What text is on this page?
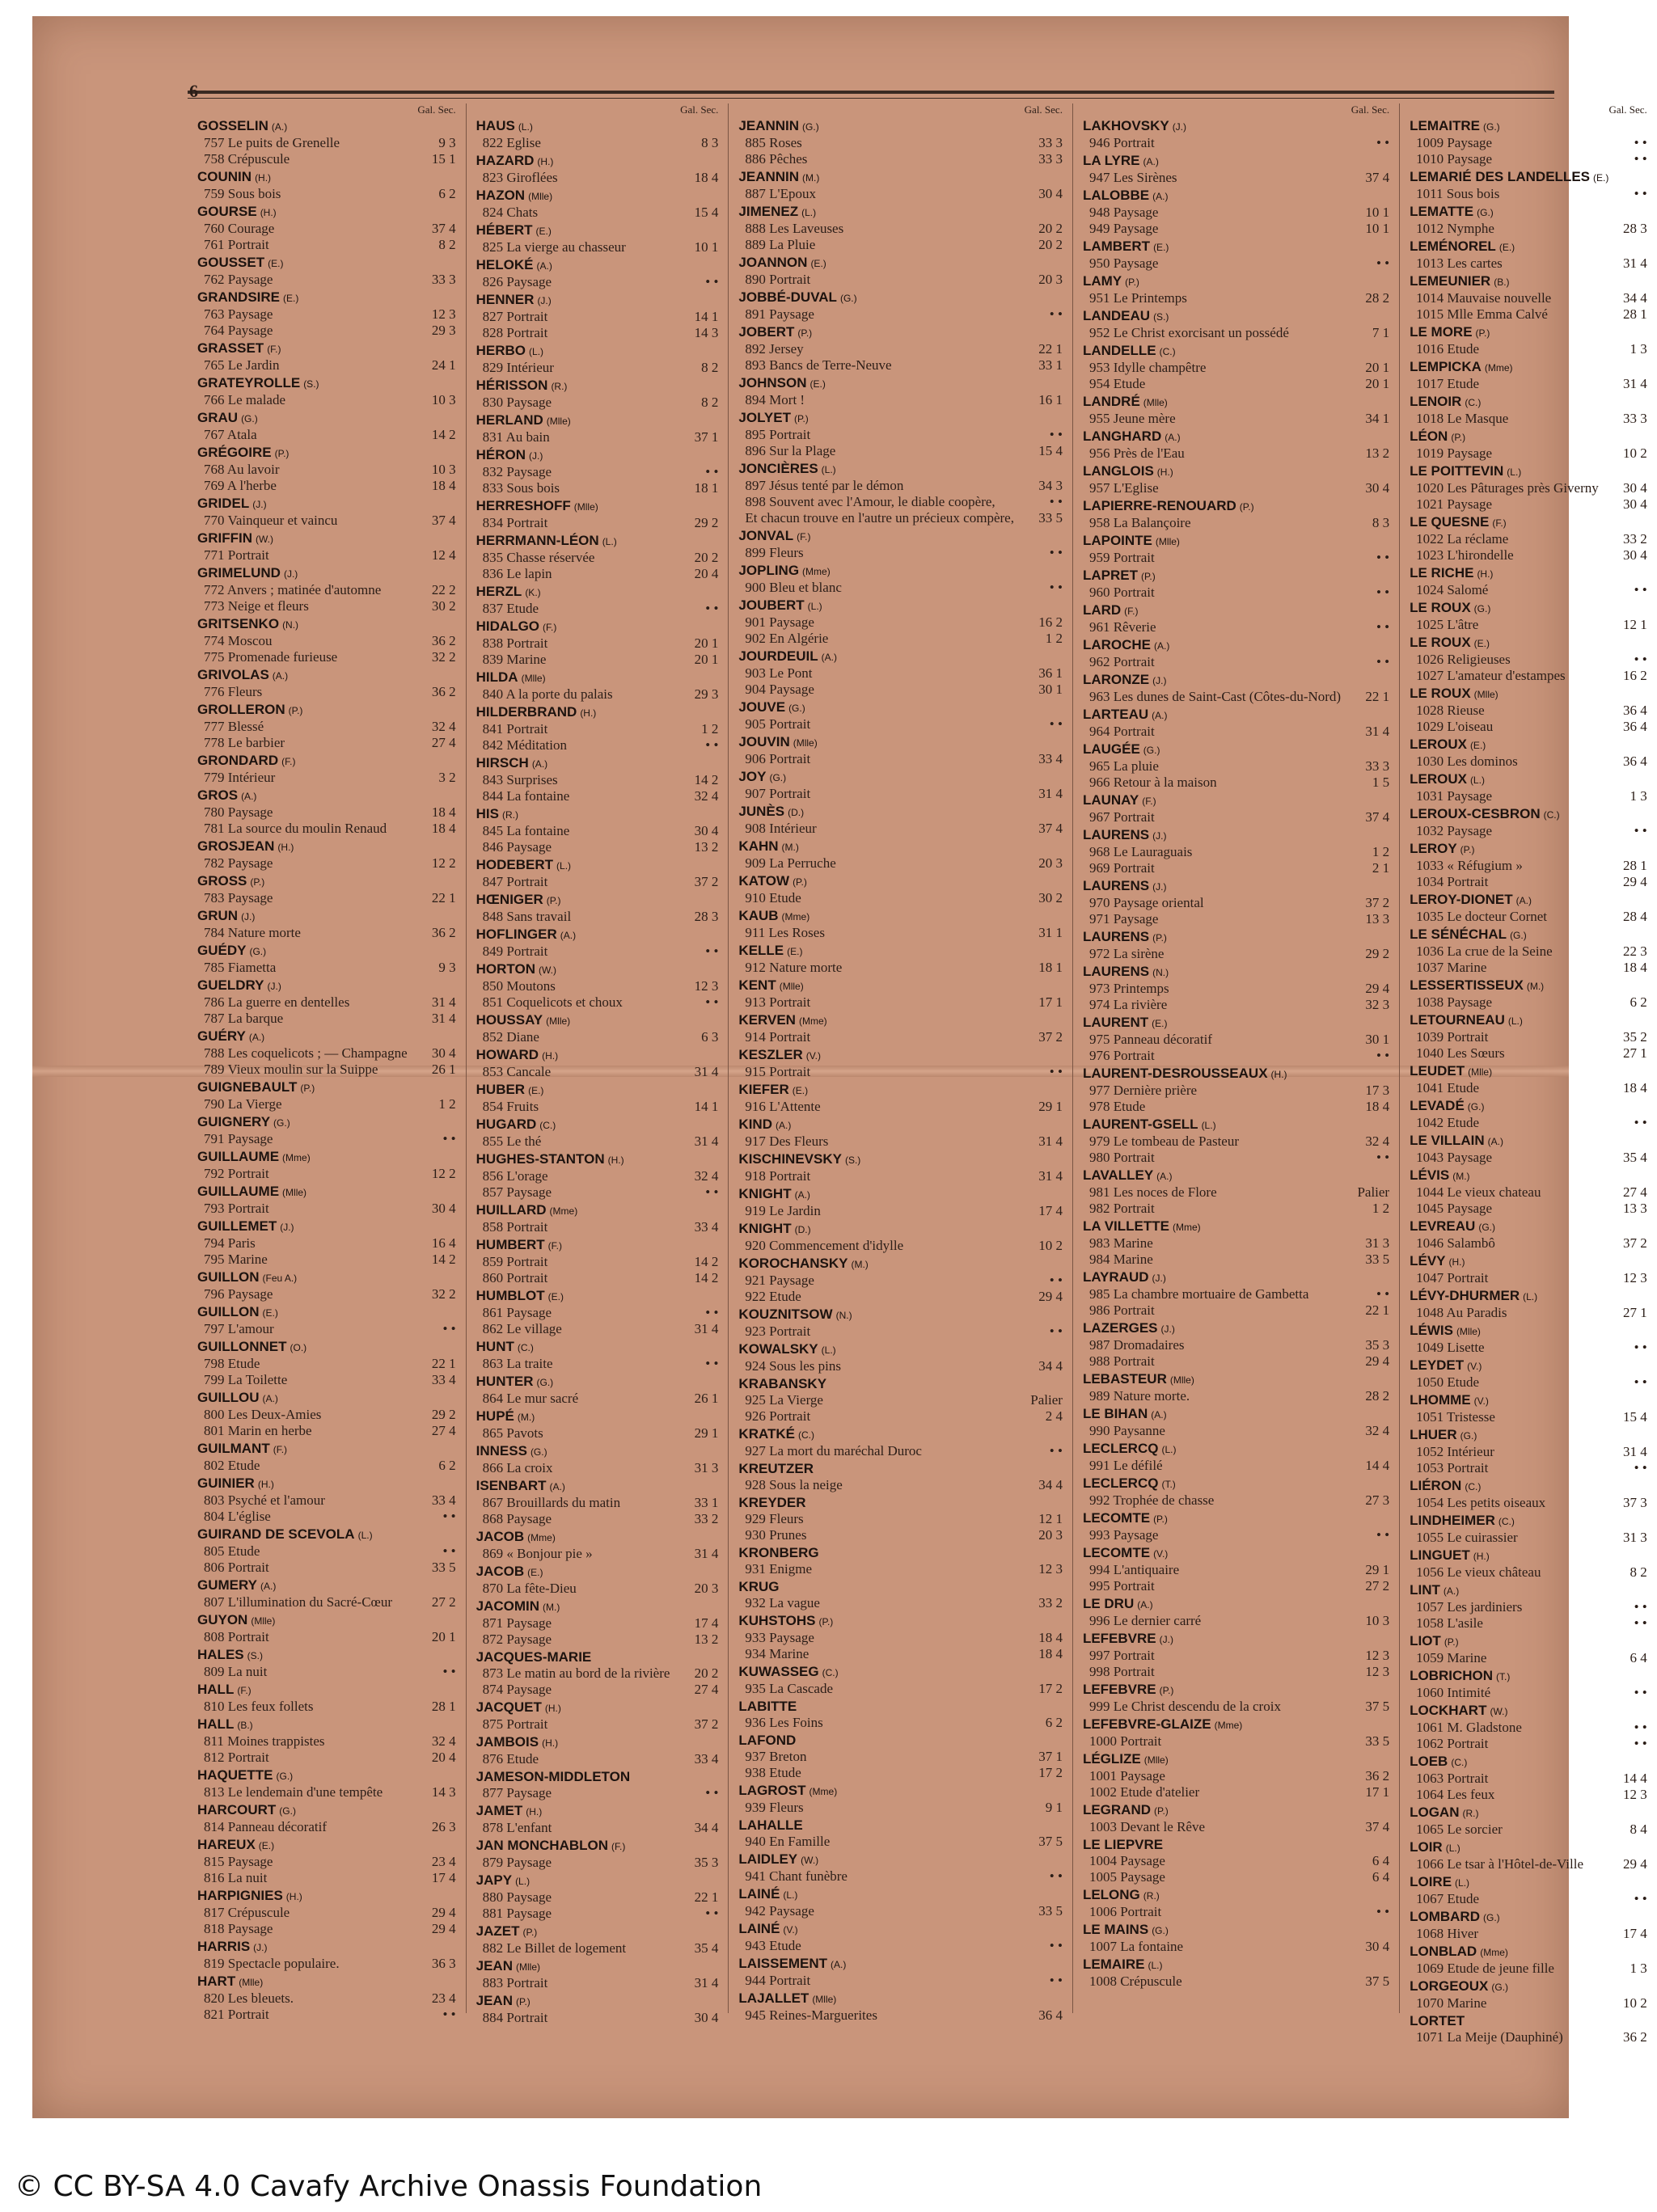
6
Gal. Sec.
GOSSELIN (A.)
757 Le puits de Grenelle	9 3
758 Crépuscule	15 1
COUNIN (H.)
759 Sous bois	6 2
GOURSE (H.)
760 Courage	37 4
761 Portrait	8 2
GOUSSET (E.)
762 Paysage	33 3
GRANDSIRE (E.)
763 Paysage	12 3
764 Paysage	29 3
GRASSET (F.)
765 Le Jardin	24 1
GRATEYROLLE (S.)
766 Le malade	10 3
GRAU (G.)
767 Atala	14 2
GRÉGOIRE (P.)
768 Au lavoir	10 3
769 A l'herbe	18 4
GRIDEL (J.)
770 Vainqueur et vaincu	37 4
GRIFFIN (W.)
771 Portrait	12 4
GRIMELUND (J.)
772 Anvers ; matinée d'automne	22 2
773 Neige et fleurs	30 2
GRITSENKO (N.)
774 Moscou	36 2
775 Promenade furieuse	32 2
GRIVOLAS (A.)
776 Fleurs	36 2
GROLLERON (P.)
777 Blessé	32 4
778 Le barbier	27 4
GRONDARD (F.)
779 Intérieur	3 2
GROS (A.)
780 Paysage	18 4
781 La source du moulin Renaud	18 4
GROSJEAN (H.)
782 Paysage	12 2
GROSS (P.)
783 Paysage	22 1
GRUN (J.)
784 Nature morte	36 2
GUÉDY (G.)
785 Fiametta	9 3
GUELDRY (J.)
786 La guerre en dentelles	31 4
787 La barque	31 4
GUÉRY (A.)
788 Les coquelicots ; — Champagne	30 4
789 Vieux moulin sur la Suippe	26 1
GUIGNEBAULT (P.)
790 La Vierge	1 2
GUIGNERY (G.)
791 Paysage	• •
GUILLAUME (Mme)
792 Portrait	12 2
GUILLAUME (Mlle)
793 Portrait	30 4
GUILLEMET (J.)
794 Paris	16 4
795 Marine	14 2
GUILLON (Feu A.)
796 Paysage	32 2
GUILLON (E.)
797 L'amour	• •
GUILLONNET (O.)
798 Etude	22 1
799 La Toilette	33 4
GUILLOU (A.)
800 Les Deux-Amies	29 2
801 Marin en herbe	27 4
GUILMANT (F.)
802 Etude	6 2
GUINIER (H.)
803 Psyché et l'amour	33 4
804 L'église	• •
GUIRAND DE SCEVOLA (L.)
805 Etude	• •
806 Portrait	33 5
GUMERY (A.)
807 L'illumination du Sacré-Cœur	27 2
GUYON (Mlle)
808 Portrait	20 1
HALES (S.)
809 La nuit	• •
HALL (F.)
810 Les feux follets	28 1
HALL (B.)
811 Moines trappistes	32 4
812 Portrait	20 4
HAQUETTE (G.)
813 Le lendemain d'une tempête	14 3
HARCOURT (G.)
814 Panneau décoratif	26 3
HAREUX (E.)
815 Paysage	23 4
816 La nuit	17 4
HARPIGNIES (H.)
817 Crépuscule	29 4
818 Paysage	29 4
HARRIS (J.)
819 Spectacle populaire.	36 3
HART (Mlle)
820 Les bleuets.	23 4
821 Portrait	• •
Gal. Sec.
HAUS (L.)
822 Eglise	8 3
HAZARD (H.)
823 Giroflées	18 4
HAZON (Mlle)
824 Chats	15 4
HÉBERT (E.)
825 La vierge au chasseur	10 1
HELOKÉ (A.)
826 Paysage	• •
HENNER (J.)
827 Portrait	14 1
828 Portrait	14 3
HERBO (L.)
829 Intérieur	8 2
HÉRISSON (R.)
830 Paysage	8 2
HERLAND (Mlle)
831 Au bain	37 1
HÉRON (J.)
832 Paysage	• •
833 Sous bois	18 1
HERRESHOFF (Mlle)
834 Portrait	29 2
HERRMANN-LÉON (L.)
835 Chasse réservée	20 2
836 Le lapin	20 4
HERZL (K.)
837 Etude	• •
HIDALGO (F.)
838 Portrait	20 1
839 Marine	20 1
HILDA (Mlle)
840 A la porte du palais	29 3
HILDERBRAND (H.)
841 Portrait	1 2
842 Méditation	• •
HIRSCH (A.)
843 Surprises	14 2
844 La fontaine	32 4
HIS (R.)
845 La fontaine	30 4
846 Paysage	13 2
HODEBERT (L.)
847 Portrait	37 2
HŒNIGER (P.)
848 Sans travail	28 3
HOFLINGER (A.)
849 Portrait	• •
HORTON (W.)
850 Moutons	12 3
851 Coquelicots et choux	• •
HOUSSAY (Mlle)
852 Diane	6 3
HOWARD (H.)
853 Cancale	31 4
HUBER (E.)
854 Fruits	14 1
HUGARD (C.)
855 Le thé	31 4
HUGHES-STANTON (H.)
856 L'orage	32 4
857 Paysage	• •
HUILLARD (Mme)
858 Portrait	33 4
HUMBERT (F.)
859 Portrait	14 2
860 Portrait	14 2
HUMBLOT (E.)
861 Paysage	• •
862 Le village	31 4
HUNT (C.)
863 La traite	• •
HUNTER (G.)
864 Le mur sacré	26 1
HUPÉ (M.)
865 Pavots	29 1
INNESS (G.)
866 La croix	31 3
ISENBART (A.)
867 Brouillards du matin	33 1
868 Paysage	33 2
JACOB (Mme)
869 « Bonjour pie »	31 4
JACOB (E.)
870 La fête-Dieu	20 3
JACOMIN (M.)
871 Paysage	17 4
872 Paysage	13 2
JACQUES-MARIE
873 Le matin au bord de la rivière	20 2
874 Paysage	27 4
JACQUET (H.)
875 Portrait	37 2
JAMBOIS (H.)
876 Etude	33 4
JAMESON-MIDDLETON
877 Paysage	• •
JAMET (H.)
878 L'enfant	34 4
JAN MONCHABLON (F.)
879 Paysage	35 3
JAPY (L.)
880 Paysage	22 1
881 Paysage	• •
JAZET (P.)
882 Le Billet de logement	35 4
JEAN (Mlle)
883 Portrait	31 4
JEAN (P.)
884 Portrait	30 4
Gal. Sec.
JEANNIN (G.)
885 Roses	33 3
886 Pêches	33 3
JEANNIN (M.)
887 L'Epoux	30 4
JIMENEZ (L.)
888 Les Laveuses	20 2
889 La Pluie	20 2
JOANNON (E.)
890 Portrait	20 3
JOBBÉ-DUVAL (G.)
891 Paysage	• •
JOBERT (P.)
892 Jersey	22 1
893 Bancs de Terre-Neuve	33 1
JOHNSON (E.)
894 Mort !	16 1
JOLYET (P.)
895 Portrait	• •
896 Sur la Plage	15 4
JONCIÈRES (L.)
897 Jésus tenté par le démon	34 3
898 Souvent avec l'Amour, le diable coopère,	• •
Et chacun trouve en l'autre un précieux compère,	33 5
JONVAL (F.)
899 Fleurs	• •
JOPLING (Mme)
900 Bleu et blanc	• •
JOUBERT (L.)
901 Paysage	16 2
902 En Algérie	1 2
JOURDEUIL (A.)
903 Le Pont	36 1
904 Paysage	30 1
JOUVE (G.)
905 Portrait	• •
JOUVIN (Mlle)
906 Portrait	33 4
JOY (G.)
907 Portrait	31 4
JUNÈS (D.)
908 Intérieur	37 4
KAHN (M.)
909 La Perruche	20 3
KATOW (P.)
910 Etude	30 2
KAUB (Mme)
911 Les Roses	31 1
KELLE (E.)
912 Nature morte	18 1
KENT (Mlle)
913 Portrait	17 1
KERVEN (Mme)
914 Portrait	37 2
KESZLER (V.)
915 Portrait	• •
KIEFER (E.)
916 L'Attente	29 1
KIND (A.)
917 Des Fleurs	31 4
KISCHINEVSKY (S.)
918 Portrait	31 4
KNIGHT (A.)
919 Le Jardin	17 4
KNIGHT (D.)
920 Commencement d'idylle	10 2
KOROCHANSKY (M.)
921 Paysage	• •
922 Etude	29 4
KOUZNITSOW (N.)
923 Portrait	• •
KOWALSKY (L.)
924 Sous les pins	34 4
KRABANSKY
925 La Vierge	Palier
926 Portrait	2 4
KRATKÉ (C.)
927 La mort du maréchal Duroc	• •
KREUTZER
928 Sous la neige	34 4
KREYDER
929 Fleurs	12 1
930 Prunes	20 3
KRONBERG
931 Enigme	12 3
KRUG
932 La vague	33 2
KUHSTOHS (P.)
933 Paysage	18 4
934 Marine	18 4
KUWASSEG (C.)
935 La Cascade	17 2
LABITTE
936 Les Foins	6 2
LAFOND
937 Breton	37 1
938 Etude	17 2
LAGROST (Mme)
939 Fleurs	9 1
LAHALLE
940 En Famille	37 5
LAIDLEY (W.)
941 Chant funèbre	• •
LAINÉ (L.)
942 Paysage	33 5
LAINÉ (V.)
943 Etude	• •
LAISSEMENT (A.)
944 Portrait	• •
LAJALLET (Mlle)
945 Reines-Marguerites	36 4
Gal. Sec.
LAKHOVSKY (J.)
946 Portrait	• •
LA LYRE (A.)
947 Les Sirènes	37 4
LALOBBE (A.)
948 Paysage	10 1
949 Paysage	10 1
LAMBERT (E.)
950 Paysage	• •
LAMY (P.)
951 Le Printemps	28 2
LANDEAU (S.)
952 Le Christ exorcisant un possédé	7 1
LANDELLE (C.)
953 Idylle champêtre	20 1
954 Etude	20 1
LANDRÉ (Mlle)
955 Jeune mère	34 1
LANGHARD (A.)
956 Près de l'Eau	13 2
LANGLOIS (H.)
957 L'Eglise	30 4
LAPIERRE-RENOUARD (P.)
958 La Balançoire	8 3
LAPOINTE (Mlle)
959 Portrait	• •
LAPRET (P.)
960 Portrait	• •
LARD (F.)
961 Rêverie	• •
LAROCHE (A.)
962 Portrait	• •
LARONZE (J.)
963 Les dunes de Saint-Cast (Côtes-du-Nord)	22 1
LARTEAU (A.)
964 Portrait	31 4
LAUGÉE (G.)
965 La pluie	33 3
966 Retour à la maison	1 5
LAUNAY (F.)
967 Portrait	37 4
LAURENS (J.)
968 Le Lauraguais	1 2
969 Portrait	2 1
LAURENS (J.)
970 Paysage oriental	37 2
971 Paysage	13 3
LAURENS (P.)
972 La sirène	29 2
LAURENS (N.)
973 Printemps	29 4
974 La rivière	32 3
LAURENT (E.)
975 Panneau décoratif	30 1
976 Portrait	• •
LAURENT-DESROUSSEAUX (H.)
977 Dernière prière	17 3
978 Etude	18 4
LAURENT-GSELL (L.)
979 Le tombeau de Pasteur	32 4
980 Portrait	• •
LAVALLEY (A.)
981 Les noces de Flore	Palier
982 Portrait	1 2
LA VILLETTE (Mme)
983 Marine	31 3
984 Marine	33 5
LAYRAUD (J.)
985 La chambre mortuaire de Gambetta	• •
986 Portrait	22 1
LAZERGES (J.)
987 Dromadaires	35 3
988 Portrait	29 4
LEBASTEUR (Mlle)
989 Nature morte.	28 2
LE BIHAN (A.)
990 Paysanne	32 4
LECLERCQ (L.)
991 Le défilé	14 4
LECLERCQ (T.)
992 Trophée de chasse	27 3
LECOMTE (P.)
993 Paysage	• •
LECOMTE (V.)
994 L'antiquaire	29 1
995 Portrait	27 2
LE DRU (A.)
996 Le dernier carré	10 3
LEFEBVRE (J.)
997 Portrait	12 3
998 Portrait	12 3
LEFEBVRE (P.)
999 Le Christ descendu de la croix	37 5
LEFEBVRE-GLAIZE (Mme)
1000 Portrait	33 5
LÉGLIZE (Mlle)
1001 Paysage	36 2
1002 Etude d'atelier	17 1
LEGRAND (P.)
1003 Devant le Rêve	37 4
LE LIEPVRE
1004 Paysage	6 4
1005 Paysage	6 4
LELONG (R.)
1006 Portrait	• •
LE MAINS (G.)
1007 La fontaine	30 4
LEMAIRE (L.)
1008 Crépuscule	37 5
Gal. Sec.
LEMAITRE (G.)
1009 Paysage	• •
1010 Paysage	• •
LEMARIÉ DES LANDELLES (E.)
1011 Sous bois	• •
LEMATTE (G.)
1012 Nymphe	28 3
LEMÉNOREL (E.)
1013 Les cartes	31 4
LEMEUNIER (B.)
1014 Mauvaise nouvelle	34 4
1015 Mlle Emma Calvé	28 1
LE MORE (P.)
1016 Etude	1 3
LEMPICKA (Mme)
1017 Etude	31 4
LENOIR (C.)
1018 Le Masque	33 3
LÉON (P.)
1019 Paysage	10 2
LE POITTEVIN (L.)
1020 Les Pâturages près Giverny	30 4
1021 Paysage	30 4
LE QUESNE (F.)
1022 La réclame	33 2
1023 L'hirondelle	30 4
LE RICHE (H.)
1024 Salomé	• •
LE ROUX (G.)
1025 L'âtre	12 1
LE ROUX (E.)
1026 Religieuses	• •
1027 L'amateur d'estampes	16 2
LE ROUX (Mlle)
1028 Rieuse	36 4
1029 L'oiseau	36 4
LEROUX (E.)
1030 Les dominos	36 4
LEROUX (L.)
1031 Paysage	1 3
LEROUX-CESBRON (C.)
1032 Paysage	• •
LEROY (P.)
1033 « Réfugium »	28 1
1034 Portrait	29 4
LEROY-DIONET (A.)
1035 Le docteur Cornet	28 4
LE SÉNÉCHAL (G.)
1036 La crue de la Seine	22 3
1037 Marine	18 4
LESSERTISSEUX (M.)
1038 Paysage	6 2
LETOURNEAU (L.)
1039 Portrait	35 2
1040 Les Sœurs	27 1
LEUDET (Mlle)
1041 Etude	18 4
LEVADÉ (G.)
1042 Etude	• •
LE VILLAIN (A.)
1043 Paysage	35 4
LÉVIS (M.)
1044 Le vieux chateau	27 4
1045 Paysage	13 3
LEVREAU (G.)
1046 Salambô	37 2
LÉVY (H.)
1047 Portrait	12 3
LÉVY-DHURMER (L.)
1048 Au Paradis	27 1
LÉWIS (Mlle)
1049 Lisette	• •
LEYDET (V.)
1050 Etude	• •
LHOMME (V.)
1051 Tristesse	15 4
LHUER (G.)
1052 Intérieur	31 4
1053 Portrait	• •
LIÉRON (C.)
1054 Les petits oiseaux	37 3
LINDHEIMER (C.)
1055 Le cuirassier	31 3
LINGUET (H.)
1056 Le vieux château	8 2
LINT (A.)
1057 Les jardiniers	• •
1058 L'asile	• •
LIOT (P.)
1059 Marine	6 4
LOBRICHON (T.)
1060 Intimité	• •
LOCKHART (W.)
1061 M. Gladstone	• •
1062 Portrait	• •
LOEB (C.)
1063 Portrait	14 4
1064 Les feux	12 3
LOGAN (R.)
1065 Le sorcier	8 4
LOIR (L.)
1066 Le tsar à l'Hôtel-de-Ville	29 4
LOIRE (L.)
1067 Etude	• •
LOMBARD (G.)
1068 Hiver	17 4
LONBLAD (Mme)
1069 Etude de jeune fille	1 3
LORGEOUX (G.)
1070 Marine	10 2
LORTET
1071 La Meije (Dauphiné)	36 2
© CC BY-SA 4.0 Cavafy Archive Onassis Foundation
